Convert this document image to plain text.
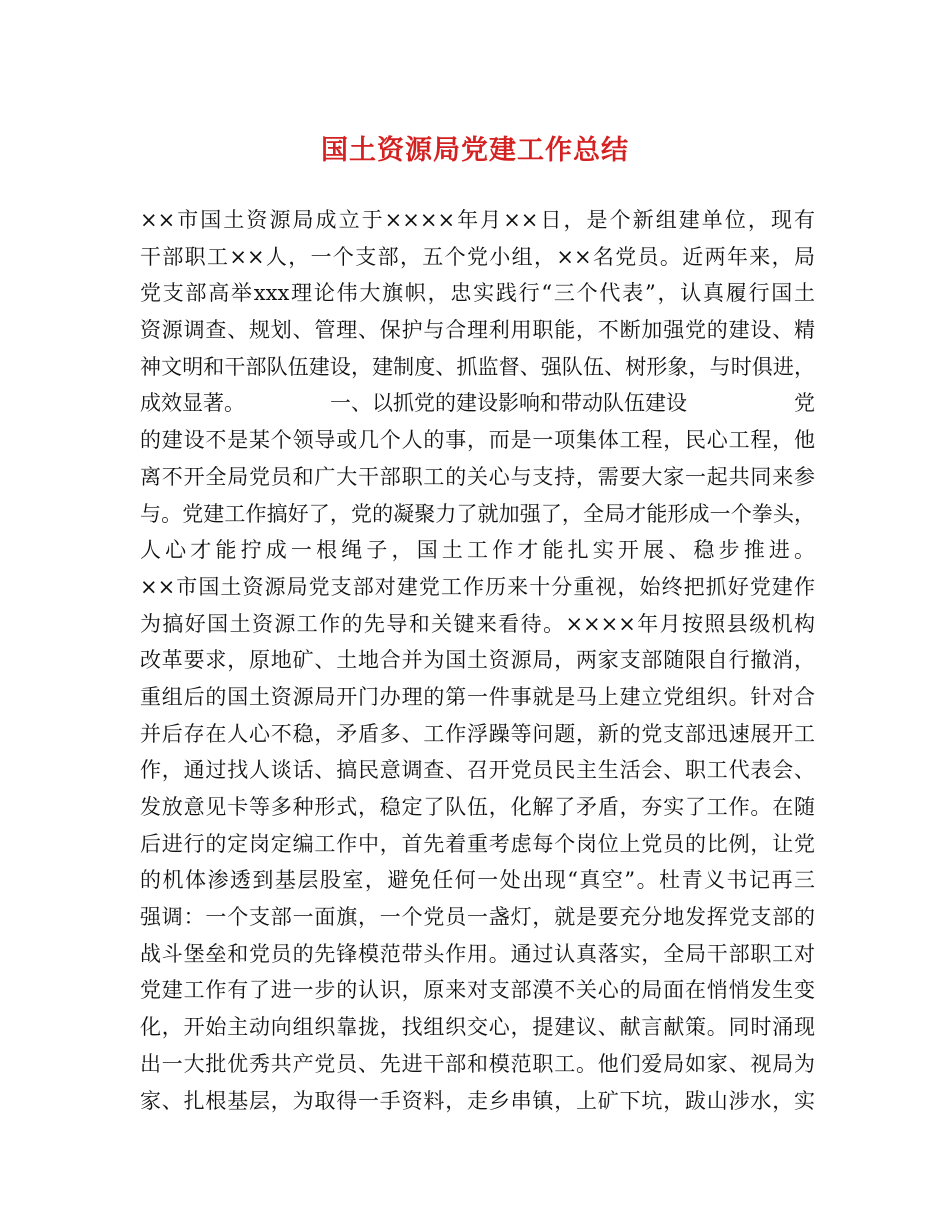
国土资源局党建工作总结
××市国土资源局成立于××××年月××日，是个新组建单位，现有
干部职工××人，一个支部，五个党小组，××名党员。近两年来，局
党支部高举xxx理论伟大旗帜，忠实践行“三个代表”，认真履行国土
资源调查、规划、管理、保护与合理利用职能，不断加强党的建设、精
神文明和干部队伍建设，建制度、抓监督、强队伍、树形象，与时俱进，
成效显著。	一、以抓党的建设影响和带动队伍建设	党
的建设不是某个领导或几个人的事，而是一项集体工程，民心工程，他
离不开全局党员和广大干部职工的关心与支持，需要大家一起共同来参
与。党建工作搞好了，党的凝聚力了就加强了，全局才能形成一个拳头，
人心才能拧成一根绳子，国土工作才能扎实开展、稳步推进。
××市国土资源局党支部对建党工作历来十分重视，始终把抓好党建作
为搞好国土资源工作的先导和关键来看待。××××年月按照县级机构
改革要求，原地矿、土地合并为国土资源局，两家支部随限自行撤消，
重组后的国土资源局开门办理的第一件事就是马上建立党组织。针对合
并后存在人心不稳，矛盾多、工作浮躁等问题，新的党支部迅速展开工
作，通过找人谈话、搞民意调查、召开党员民主生活会、职工代表会、
发放意见卡等多种形式，稳定了队伍，化解了矛盾，夯实了工作。在随
后进行的定岗定编工作中，首先着重考虑每个岗位上党员的比例，让党
的机体渗透到基层股室，避免任何一处出现“真空”。杜青义书记再三
强调：一个支部一面旗，一个党员一盏灯，就是要充分地发挥党支部的
战斗堡垒和党员的先锋模范带头作用。通过认真落实，全局干部职工对
党建工作有了进一步的认识，原来对支部漠不关心的局面在悄悄发生变
化，开始主动向组织靠拢，找组织交心，提建议、献言献策。同时涌现
出一大批优秀共产党员、先进干部和模范职工。他们爱局如家、视局为
家、扎根基层，为取得一手资料，走乡串镇，上矿下坑，跋山涉水，实
